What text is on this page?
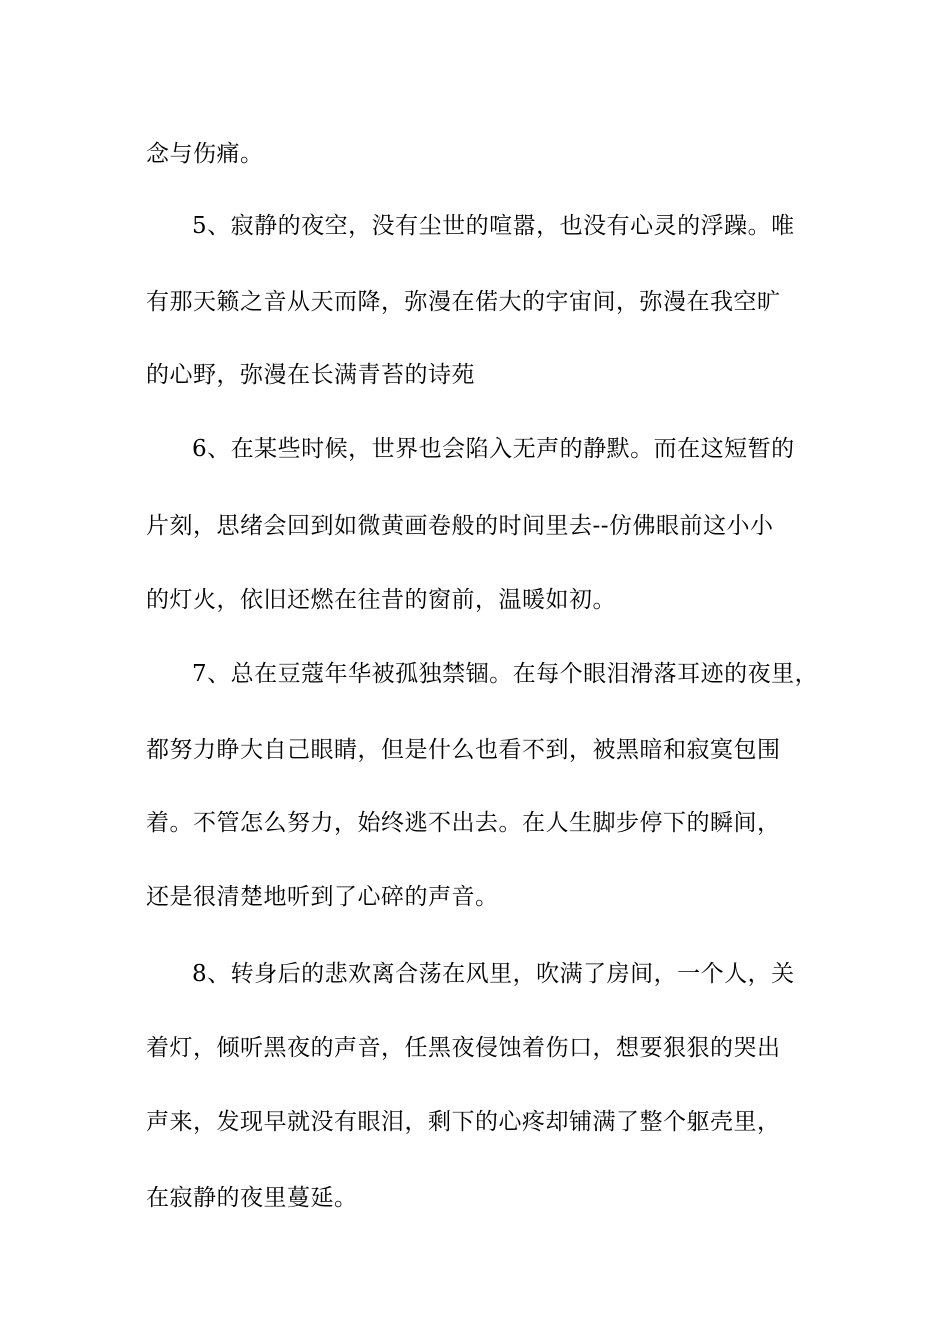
念与伤痛。
5、寂静的夜空，没有尘世的喧嚣，也没有心灵的浮躁。唯
有那天籁之音从天而降，弥漫在偌大的宇宙间，弥漫在我空旷
的心野，弥漫在长满青苔的诗苑
6、在某些时候，世界也会陷入无声的静默。而在这短暂的
片刻，思绪会回到如微黄画卷般的时间里去--仿佛眼前这小小
的灯火，依旧还燃在往昔的窗前，温暖如初。
7、总在豆蔻年华被孤独禁锢。在每个眼泪滑落耳迹的夜里，
都努力睁大自己眼睛，但是什么也看不到，被黑暗和寂寞包围
着。不管怎么努力，始终逃不出去。在人生脚步停下的瞬间，
还是很清楚地听到了心碎的声音。
8、转身后的悲欢离合荡在风里，吹满了房间，一个人，关
着灯，倾听黑夜的声音，任黑夜侵蚀着伤口，想要狠狠的哭出
声来，发现早就没有眼泪，剩下的心疼却铺满了整个躯壳里，
在寂静的夜里蔓延。
